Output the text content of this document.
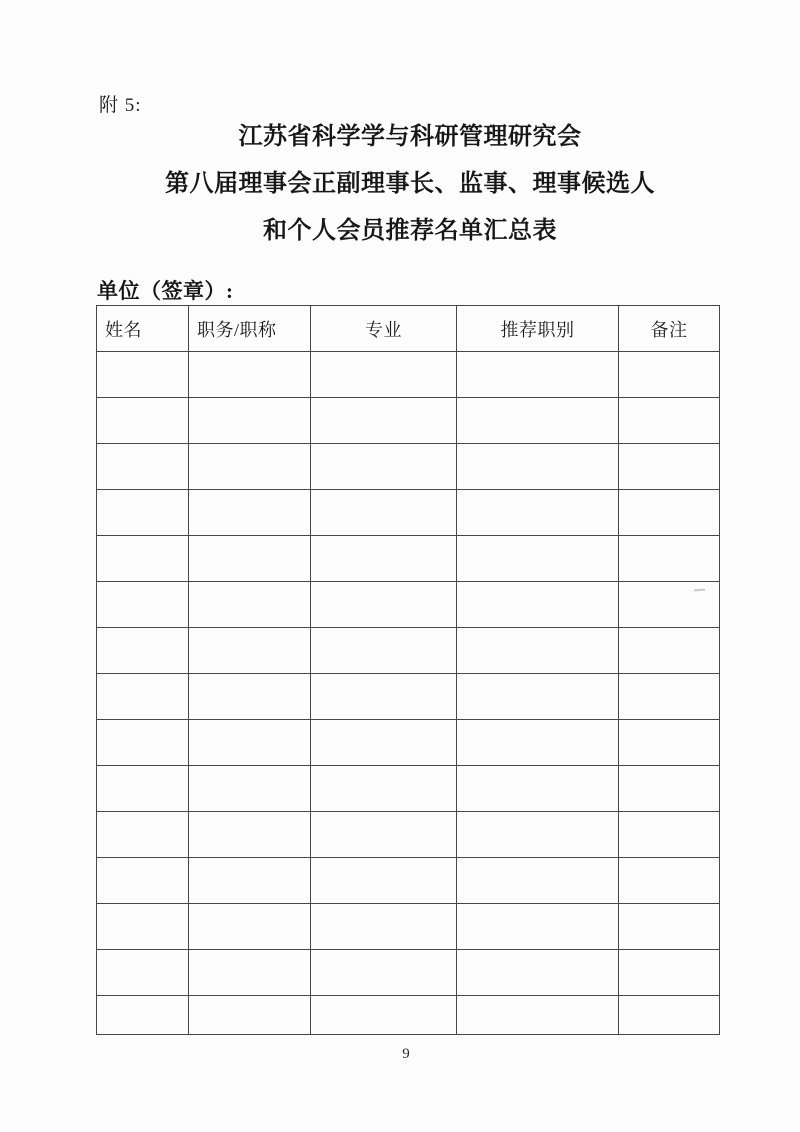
附 5:
江苏省科学学与科研管理研究会
第八届理事会正副理事长、监事、理事候选人
和个人会员推荐名单汇总表
单位（签章）:
姓名	职务/职称	专业	推荐职别	备注

9
